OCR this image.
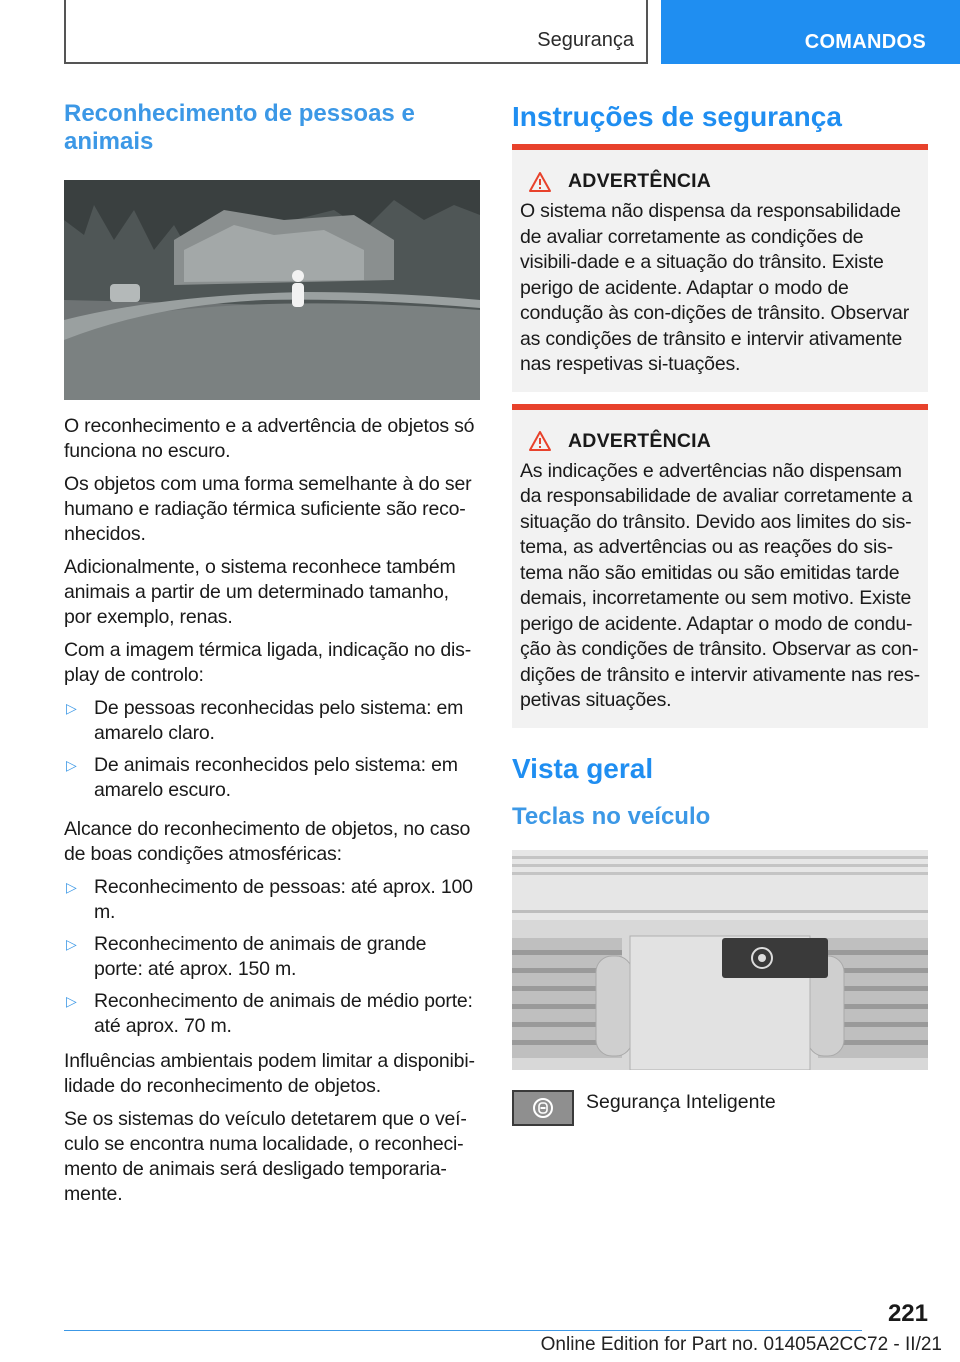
Segurança	COMANDOS
Reconhecimento de pessoas e animais

O reconhecimento e a advertência de objetos só funciona no escuro.

Os objetos com uma forma semelhante à do ser humano e radiação térmica suficiente são reco‐nhecidos.

Adicionalmente, o sistema reconhece também animais a partir de um determinado tamanho, por exemplo, renas.

Com a imagem térmica ligada, indicação no dis‐play de controlo:

▷ De pessoas reconhecidas pelo sistema: em amarelo claro.
▷ De animais reconhecidos pelo sistema: em amarelo escuro.

Alcance do reconhecimento de objetos, no caso de boas condições atmosféricas:

▷ Reconhecimento de pessoas: até aprox. 100 m.
▷ Reconhecimento de animais de grande porte: até aprox. 150 m.
▷ Reconhecimento de animais de médio porte: até aprox. 70 m.

Influências ambientais podem limitar a disponibi‐lidade do reconhecimento de objetos.

Se os sistemas do veículo detetarem que o veí‐culo se encontra numa localidade, o reconheci‐mento de animais será desligado temporaria‐mente.

Instruções de segurança
ADVERTÊNCIA

O sistema não dispensa da responsabilidade de avaliar corretamente as condições de visibili‐dade e a situação do trânsito. Existe perigo de acidente. Adaptar o modo de condução às con‐dições de trânsito. Observar as condições de trânsito e intervir ativamente nas respetivas si‐tuações.

ADVERTÊNCIA

As indicações e advertências não dispensam da responsabilidade de avaliar corretamente a situação do trânsito. Devido aos limites do sis‐tema, as advertências ou as reações do sis‐tema não são emitidas ou são emitidas tarde demais, incorretamente ou sem motivo. Existe perigo de acidente. Adaptar o modo de condu‐ção às condições de trânsito. Observar as con‐dições de trânsito e intervir ativamente nas res‐petivas situações.

Vista geral
Teclas no veículo
Segurança Inteligente
221
Online Edition for Part no. 01405A2CC72 - II/21
